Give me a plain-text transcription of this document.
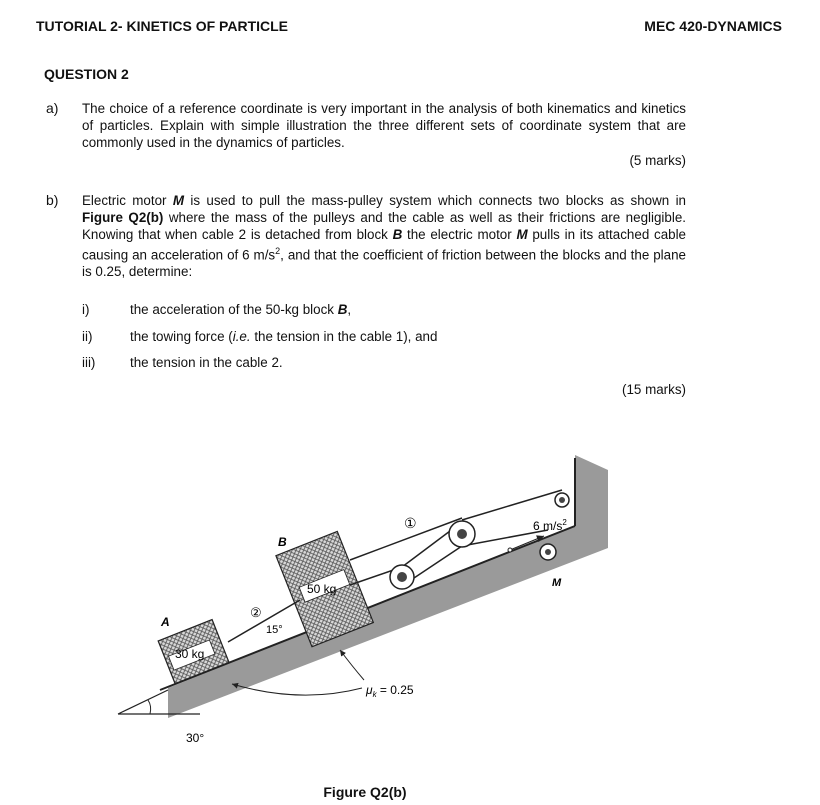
TUTORIAL 2- KINETICS OF PARTICLE	MEC 420-DYNAMICS
QUESTION 2
a) The choice of a reference coordinate is very important in the analysis of both kinematics and kinetics of particles. Explain with simple illustration the three different sets of coordinate system that are commonly used in the dynamics of particles.
(5 marks)
b) Electric motor M is used to pull the mass-pulley system which connects two blocks as shown in Figure Q2(b) where the mass of the pulleys and the cable as well as their frictions are negligible. Knowing that when cable 2 is detached from block B the electric motor M pulls in its attached cable causing an acceleration of 6 $m/s^2$, and that the coefficient of friction between the blocks and the plane is 0.25, determine:
i)	the acceleration of the 50-kg block B,
ii)	the towing force (i.e. the tension in the cable 1), and
iii)	the tension in the cable 2.
(15 marks)
30°
A
30 kg
B
50 kg
②
15°
M
①	6 $m/s^2$
$\mu_k = 0.25$
Figure Q2(b)
